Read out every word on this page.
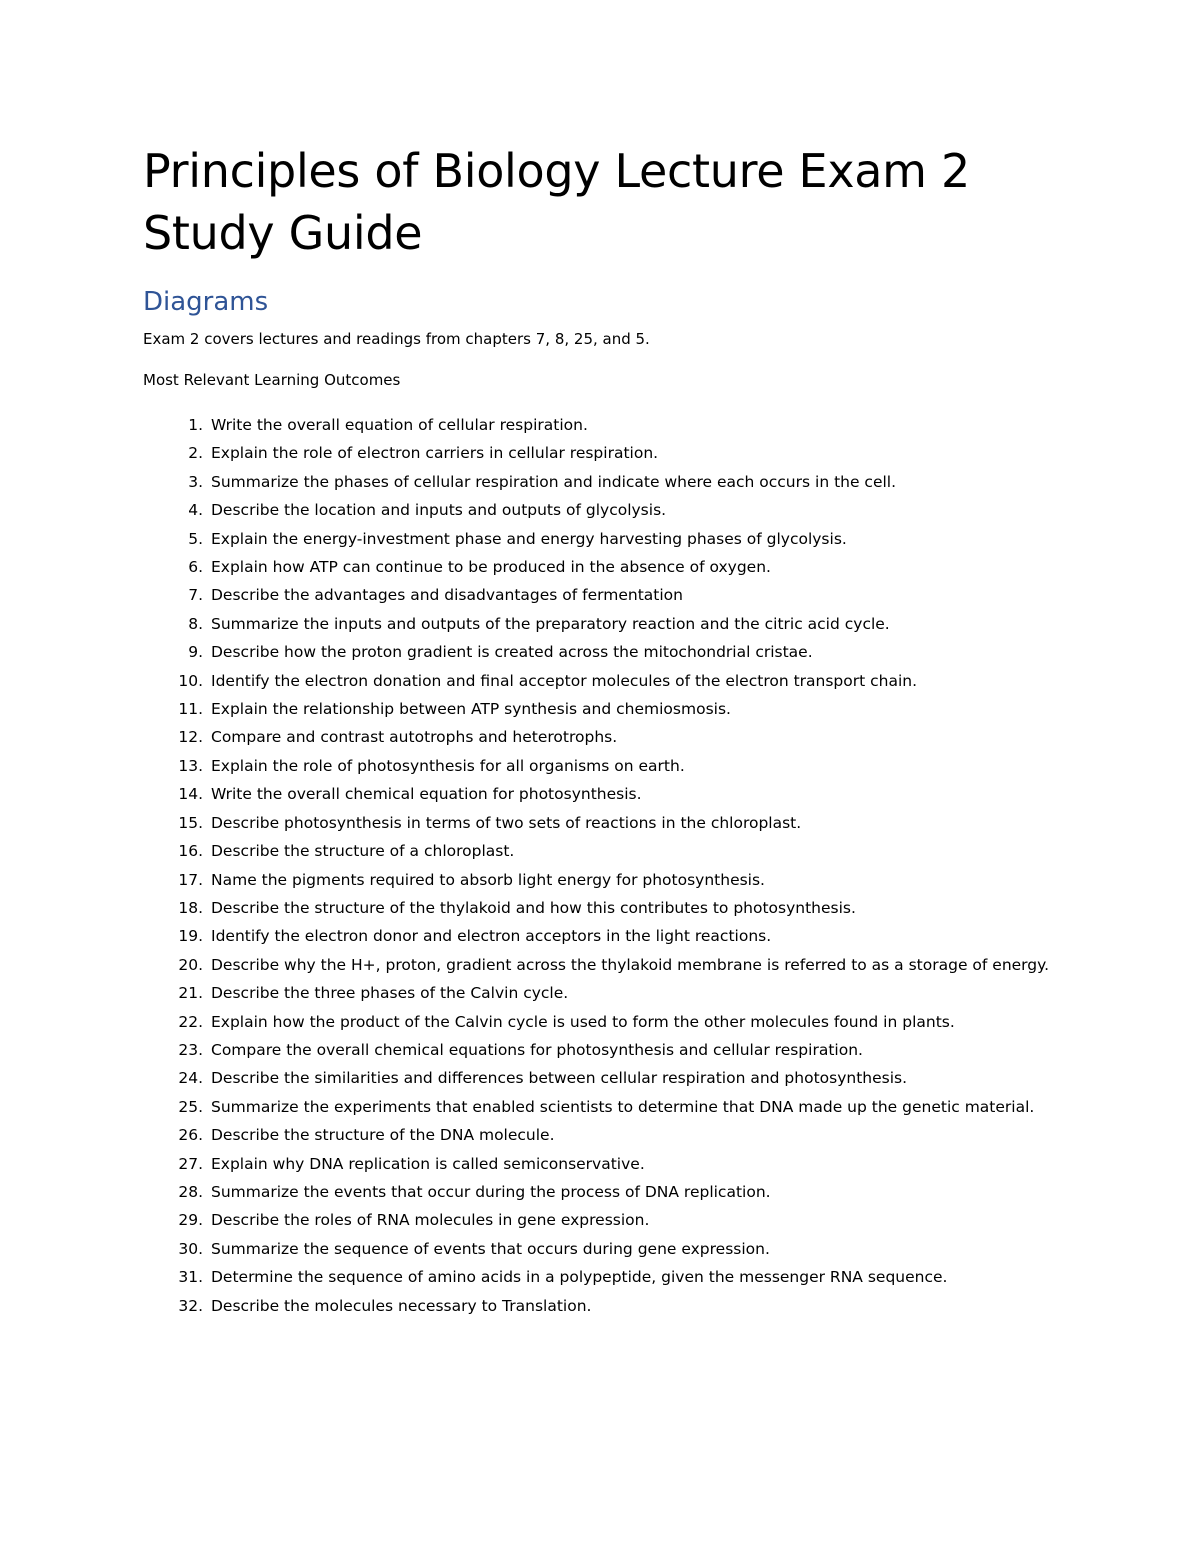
Principles of Biology Lecture Exam 2 Study Guide
Diagrams

Exam 2 covers lectures and readings from chapters 7, 8, 25, and 5.

Most Relevant Learning Outcomes

1. Write the overall equation of cellular respiration.
2. Explain the role of electron carriers in cellular respiration.
3. Summarize the phases of cellular respiration and indicate where each occurs in the cell.
4. Describe the location and inputs and outputs of glycolysis.
5. Explain the energy-investment phase and energy harvesting phases of glycolysis.
6. Explain how ATP can continue to be produced in the absence of oxygen.
7. Describe the advantages and disadvantages of fermentation
8. Summarize the inputs and outputs of the preparatory reaction and the citric acid cycle.
9. Describe how the proton gradient is created across the mitochondrial cristae.
10. Identify the electron donation and final acceptor molecules of the electron transport chain.
11. Explain the relationship between ATP synthesis and chemiosmosis.
12. Compare and contrast autotrophs and heterotrophs.
13. Explain the role of photosynthesis for all organisms on earth.
14. Write the overall chemical equation for photosynthesis.
15. Describe photosynthesis in terms of two sets of reactions in the chloroplast.
16. Describe the structure of a chloroplast.
17. Name the pigments required to absorb light energy for photosynthesis.
18. Describe the structure of the thylakoid and how this contributes to photosynthesis.
19. Identify the electron donor and electron acceptors in the light reactions.
20. Describe why the H+, proton, gradient across the thylakoid membrane is referred to as a storage of energy.
21. Describe the three phases of the Calvin cycle.
22. Explain how the product of the Calvin cycle is used to form the other molecules found in plants.
23. Compare the overall chemical equations for photosynthesis and cellular respiration.
24. Describe the similarities and differences between cellular respiration and photosynthesis.
25. Summarize the experiments that enabled scientists to determine that DNA made up the genetic material.
26. Describe the structure of the DNA molecule.
27. Explain why DNA replication is called semiconservative.
28. Summarize the events that occur during the process of DNA replication.
29. Describe the roles of RNA molecules in gene expression.
30. Summarize the sequence of events that occurs during gene expression.
31. Determine the sequence of amino acids in a polypeptide, given the messenger RNA sequence.
32. Describe the molecules necessary to Translation.
